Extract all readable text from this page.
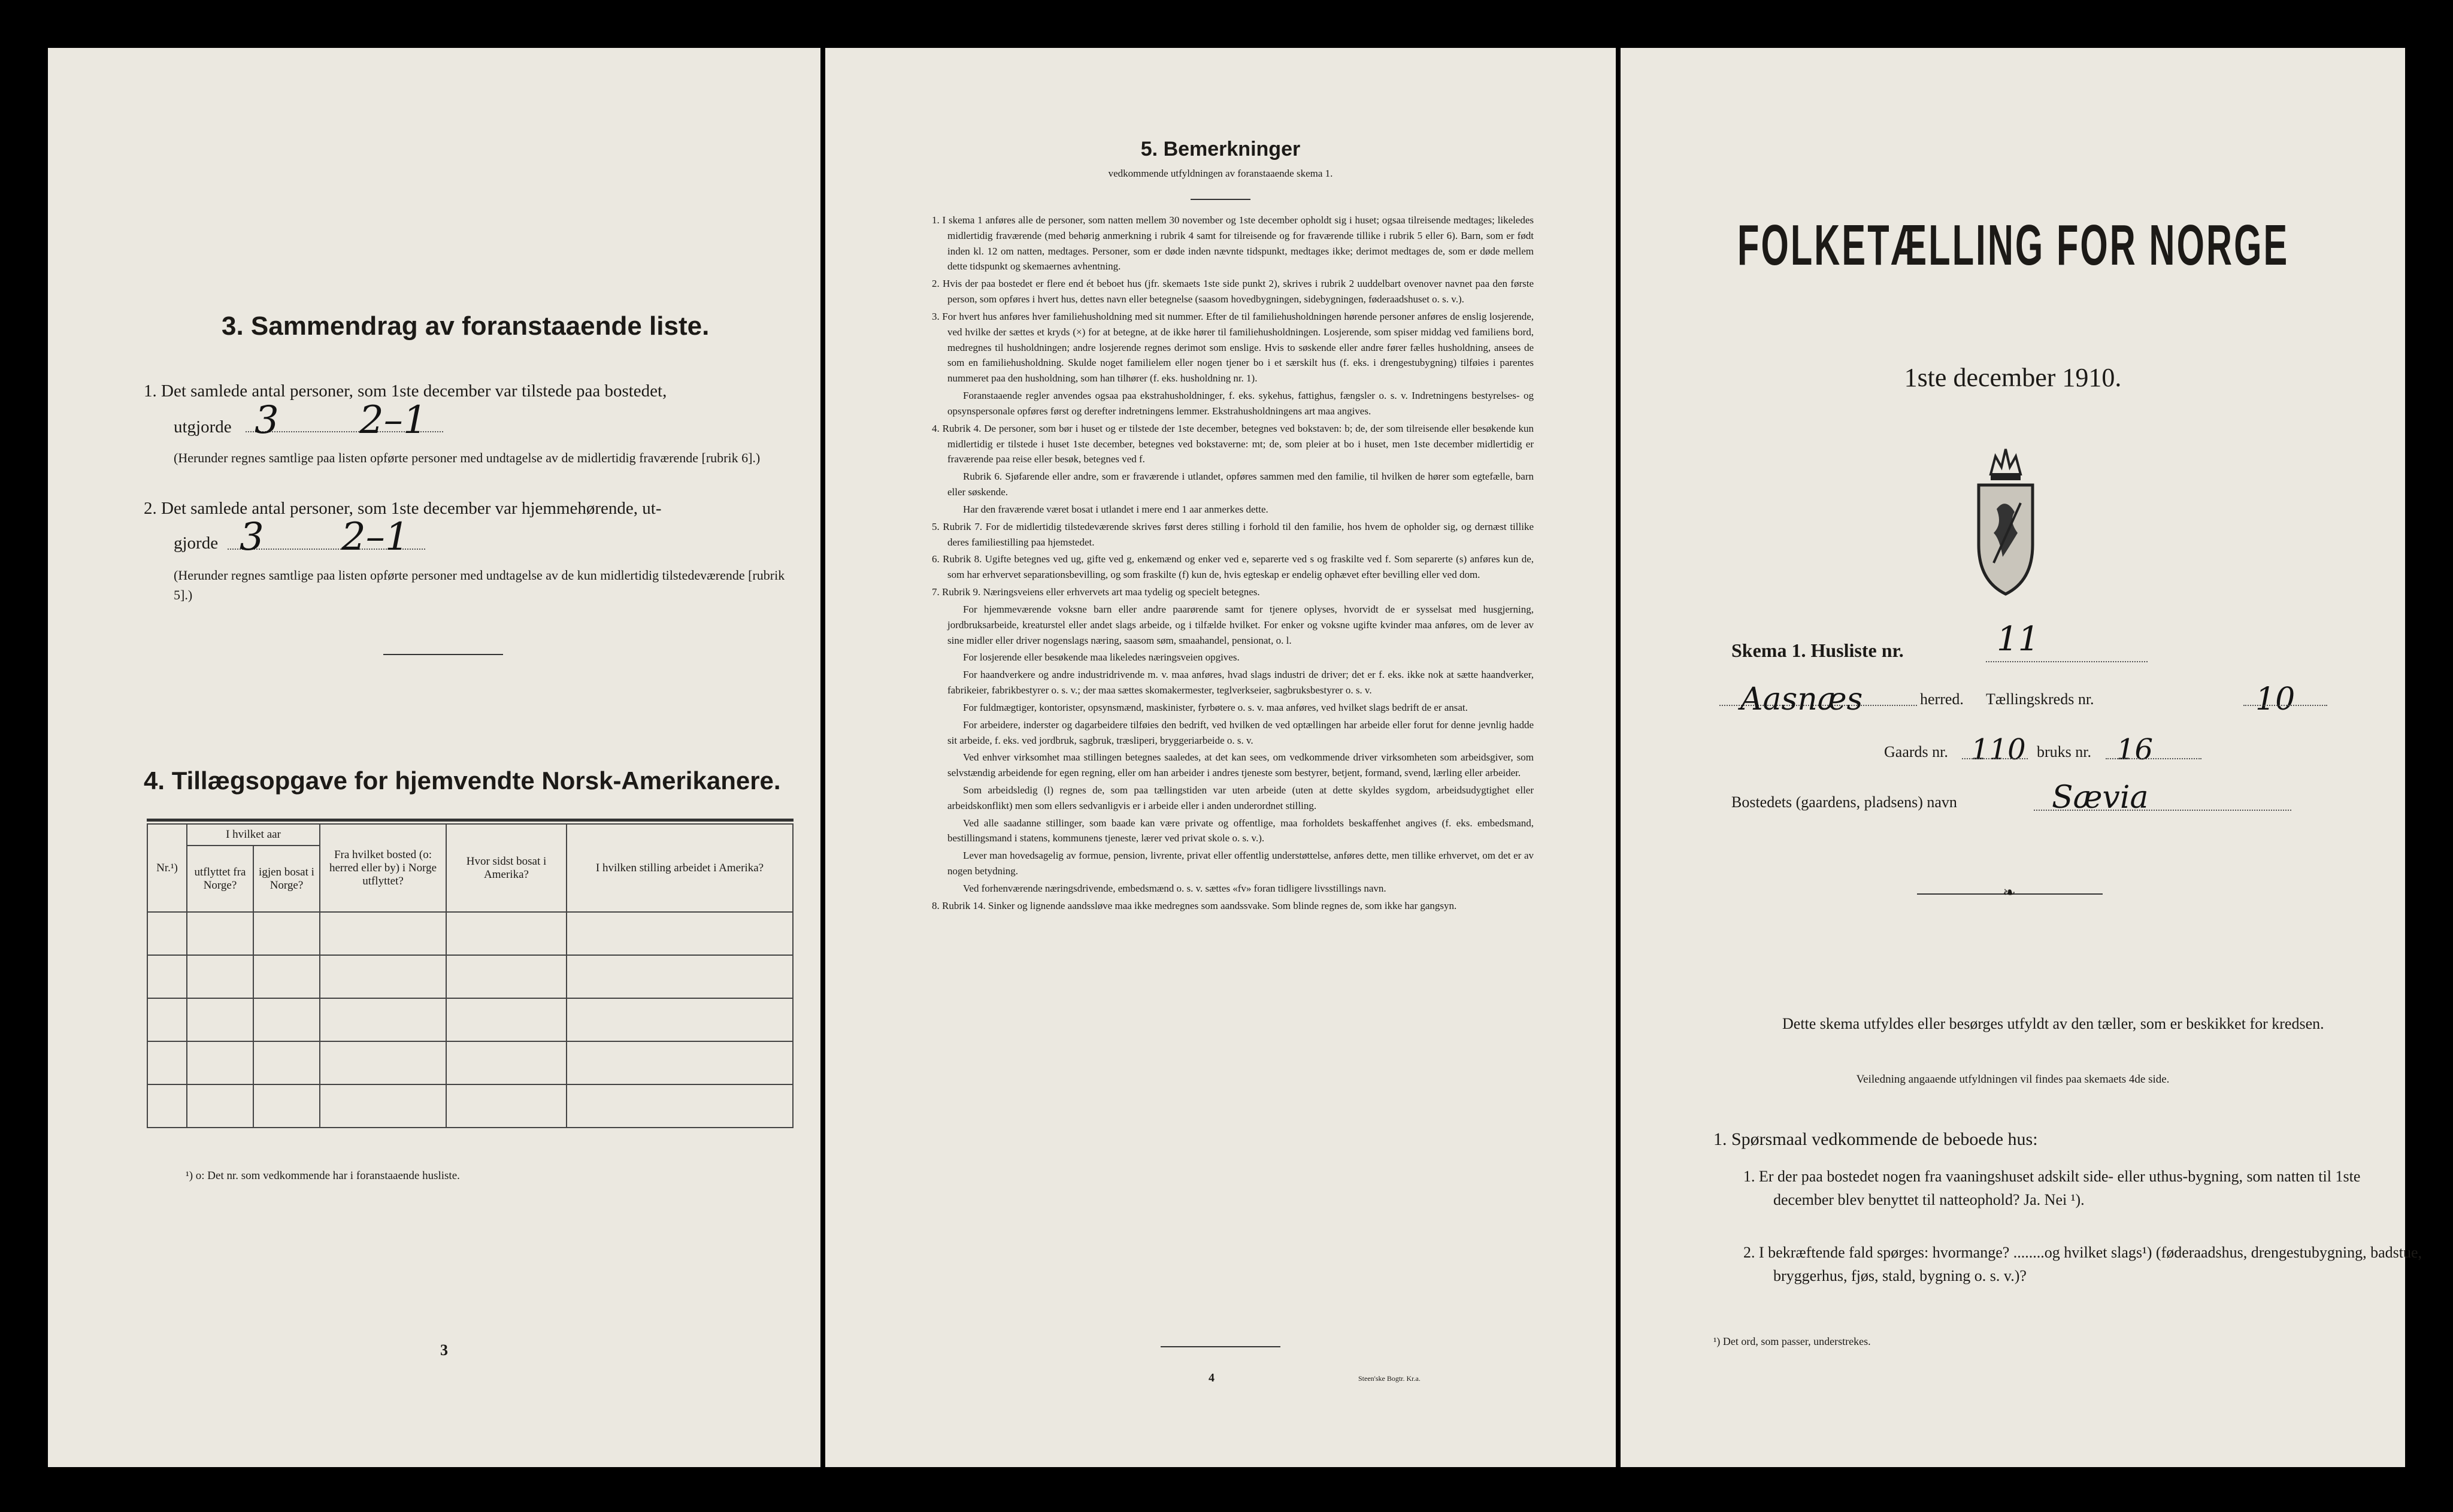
3. Sammendrag av foranstaaende liste.
1. Det samlede antal personer, som 1ste december var tilstede paa bostedet,
utgjorde 3 2–1
(Herunder regnes samtlige paa listen opførte personer med undtagelse av de midlertidig fraværende [rubrik 6].)
2. Det samlede antal personer, som 1ste december var hjemmehørende, ut-
gjorde 3 2–1
(Herunder regnes samtlige paa listen opførte personer med undtagelse av de kun midlertidig tilstedeværende [rubrik 5].)
4. Tillægsopgave for hjemvendte Norsk-Amerikanere.
Nr.¹)	I hvilket aar		Fra hvilket bosted (o: herred eller by) i Norge utflyttet?	Hvor sidst bosat i Amerika?	I hvilken stilling arbeidet i Amerika?
	utflyttet fra Norge?	igjen bosat i Norge?			

¹) o: Det nr. som vedkommende har i foranstaaende husliste.
3
5. Bemerkninger
vedkommende utfyldningen av foranstaaende skema 1.

1. I skema 1 anføres alle de personer, som natten mellem 30 november og 1ste december opholdt sig i huset; ogsaa tilreisende medtages; likeledes midlertidig fraværende (med behørig anmerkning i rubrik 4 samt for tilreisende og for fraværende tillike i rubrik 5 eller 6). Barn, som er født inden kl. 12 om natten, medtages. Personer, som er døde inden nævnte tidspunkt, medtages ikke; derimot medtages de, som er døde mellem dette tidspunkt og skemaernes avhentning.

2. Hvis der paa bostedet er flere end ét beboet hus (jfr. skemaets 1ste side punkt 2), skrives i rubrik 2 uuddelbart ovenover navnet paa den første person, som opføres i hvert hus, dettes navn eller betegnelse (saasom hovedbygningen, sidebygningen, føderaadshuset o. s. v.).

3. For hvert hus anføres hver familiehusholdning med sit nummer. Efter de til familiehusholdningen hørende personer anføres de enslig losjerende, ved hvilke der sættes et kryds (×) for at betegne, at de ikke hører til familiehusholdningen. Losjerende, som spiser middag ved familiens bord, medregnes til husholdningen; andre losjerende regnes derimot som enslige. Hvis to søskende eller andre fører fælles husholdning, ansees de som en familiehusholdning. Skulde noget familielem eller nogen tjener bo i et særskilt hus (f. eks. i drengestubygning) tilføies i parentes nummeret paa den husholdning, som han tilhører (f. eks. husholdning nr. 1).

Foranstaaende regler anvendes ogsaa paa ekstrahusholdninger, f. eks. sykehus, fattighus, fængsler o. s. v. Indretningens bestyrelses- og opsynspersonale opføres først og derefter indretningens lemmer. Ekstrahusholdningens art maa angives.

4. Rubrik 4. De personer, som bør i huset og er tilstede der 1ste december, betegnes ved bokstaven: b; de, der som tilreisende eller besøkende kun midlertidig er tilstede i huset 1ste december, betegnes ved bokstaverne: mt; de, som pleier at bo i huset, men 1ste december midlertidig er fraværende paa reise eller besøk, betegnes ved f.

Rubrik 6. Sjøfarende eller andre, som er fraværende i utlandet, opføres sammen med den familie, til hvilken de hører som egtefælle, barn eller søskende.

Har den fraværende været bosat i utlandet i mere end 1 aar anmerkes dette.

5. Rubrik 7. For de midlertidig tilstedeværende skrives først deres stilling i forhold til den familie, hos hvem de opholder sig, og dernæst tillike deres familiestilling paa hjemstedet.

6. Rubrik 8. Ugifte betegnes ved ug, gifte ved g, enkemænd og enker ved e, separerte ved s og fraskilte ved f. Som separerte (s) anføres kun de, som har erhvervet separationsbevilling, og som fraskilte (f) kun de, hvis egteskap er endelig ophævet efter bevilling eller ved dom.

7. Rubrik 9. Næringsveiens eller erhvervets art maa tydelig og specielt betegnes.

For hjemmeværende voksne barn eller andre paarørende samt for tjenere oplyses, hvorvidt de er sysselsat med husgjerning, jordbruksarbeide, kreaturstel eller andet slags arbeide, og i tilfælde hvilket. For enker og voksne ugifte kvinder maa anføres, om de lever av sine midler eller driver nogenslags næring, saasom søm, smaahandel, pensionat, o. l.

For losjerende eller besøkende maa likeledes næringsveien opgives.

For haandverkere og andre industridrivende m. v. maa anføres, hvad slags industri de driver; det er f. eks. ikke nok at sætte haandverker, fabrikeier, fabrikbestyrer o. s. v.; der maa sættes skomakermester, teglverkseier, sagbruksbestyrer o. s. v.

For fuldmægtiger, kontorister, opsynsmænd, maskinister, fyrbøtere o. s. v. maa anføres, ved hvilket slags bedrift de er ansat.

For arbeidere, inderster og dagarbeidere tilføies den bedrift, ved hvilken de ved optællingen har arbeide eller forut for denne jevnlig hadde sit arbeide, f. eks. ved jordbruk, sagbruk, træsliperi, bryggeriarbeide o. s. v.

Ved enhver virksomhet maa stillingen betegnes saaledes, at det kan sees, om vedkommende driver virksomheten som arbeidsgiver, som selvstændig arbeidende for egen regning, eller om han arbeider i andres tjeneste som bestyrer, betjent, formand, svend, lærling eller arbeider.

Som arbeidsledig (l) regnes de, som paa tællingstiden var uten arbeide (uten at dette skyldes sygdom, arbeidsudygtighet eller arbeidskonflikt) men som ellers sedvanligvis er i arbeide eller i anden underordnet stilling.

Ved alle saadanne stillinger, som baade kan være private og offentlige, maa forholdets beskaffenhet angives (f. eks. embedsmand, bestillingsmand i statens, kommunens tjeneste, lærer ved privat skole o. s. v.).

Lever man hovedsagelig av formue, pension, livrente, privat eller offentlig understøttelse, anføres dette, men tillike erhvervet, om det er av nogen betydning.

Ved forhenværende næringsdrivende, embedsmænd o. s. v. sættes «fv» foran tidligere livsstillings navn.

8. Rubrik 14. Sinker og lignende aandssløve maa ikke medregnes som aandssvake. Som blinde regnes de, som ikke har gangsyn.

4	Steen'ske Bogtr. Kr.a.
FOLKETÆLLING FOR NORGE
1ste december 1910.
Skema 1. Husliste nr.	11
Aasnæs	herred. Tællingskreds nr.	10
Gaards nr. 110 bruks nr. 16
Bostedets (gaardens, pladsens) navn	Sævia
❧
Dette skema utfyldes eller besørges utfyldt av den tæller, som er beskikket for kredsen.
Veiledning angaaende utfyldningen vil findes paa skemaets 4de side.
1. Spørsmaal vedkommende de beboede hus:
1. Er der paa bostedet nogen fra vaaningshuset adskilt side- eller uthus-bygning, som natten til 1ste december blev benyttet til natteophold? Ja. Nei ¹).
2. I bekræftende fald spørges: hvormange? ........og hvilket slags¹) (føderaadshus, drengestubygning, badstue, bryggerhus, fjøs, stald, bygning o. s. v.)?
¹) Det ord, som passer, understrekes.
